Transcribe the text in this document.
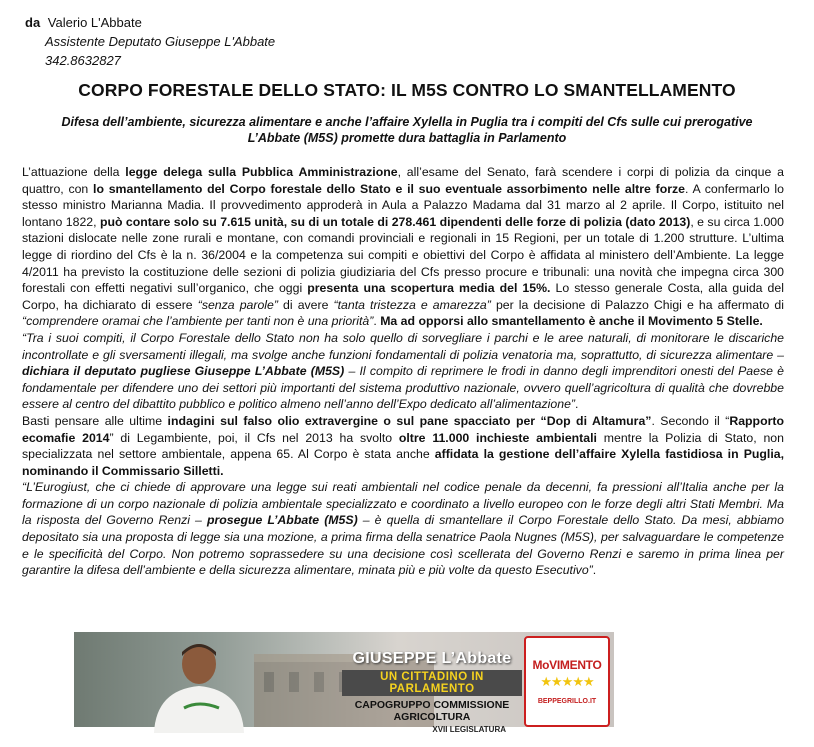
da Valerio L'Abbate
Assistente Deputato Giuseppe L'Abbate
342.8632827
CORPO FORESTALE DELLO STATO: IL M5S CONTRO LO SMANTELLAMENTO

Difesa dell’ambiente, sicurezza alimentare e anche l’affaire Xylella in Puglia tra i compiti del Cfs sulle cui prerogative L’Abbate (M5S) promette dura battaglia in Parlamento

L’attuazione della legge delega sulla Pubblica Amministrazione, all’esame del Senato, farà scendere i corpi di polizia da cinque a quattro, con lo smantellamento del Corpo forestale dello Stato e il suo eventuale assorbimento nelle altre forze. A confermarlo lo stesso ministro Marianna Madia. Il provvedimento approderà in Aula a Palazzo Madama dal 31 marzo al 2 aprile. Il Corpo, istituito nel lontano 1822, può contare solo su 7.615 unità, su di un totale di 278.461 dipendenti delle forze di polizia (dato 2013), e su circa 1.000 stazioni dislocate nelle zone rurali e montane, con comandi provinciali e regionali in 15 Regioni, per un totale di 1.200 strutture. L’ultima legge di riordino del Cfs è la n. 36/2004 e la competenza sui compiti e obiettivi del Corpo è affidata al ministero dell’Ambiente. La legge 4/2011 ha previsto la costituzione delle sezioni di polizia giudiziaria del Cfs presso procure e tribunali: una novità che impegna circa 300 forestali con effetti negativi sull’organico, che oggi presenta una scopertura media del 15%. Lo stesso generale Costa, alla guida del Corpo, ha dichiarato di essere “senza parole” di avere “tanta tristezza e amarezza” per la decisione di Palazzo Chigi e ha affermato di “comprendere oramai che l’ambiente per tanti non è una priorità”. Ma ad opporsi allo smantellamento è anche il Movimento 5 Stelle.

“Tra i suoi compiti, il Corpo Forestale dello Stato non ha solo quello di sorvegliare i parchi e le aree naturali, di monitorare le discariche incontrollate e gli sversamenti illegali, ma svolge anche funzioni fondamentali di polizia venatoria ma, soprattutto, di sicurezza alimentare – dichiara il deputato pugliese Giuseppe L’Abbate (M5S) – Il compito di reprimere le frodi in danno degli imprenditori onesti del Paese è fondamentale per difendere uno dei settori più importanti del sistema produttivo nazionale, ovvero quell’agricoltura di qualità che dovrebbe essere al centro del dibattito pubblico e politico almeno nell’anno dell’Expo dedicato all’alimentazione”.

Basti pensare alle ultime indagini sul falso olio extravergine o sul pane spacciato per “Dop di Altamura”. Secondo il “Rapporto ecomafie 2014” di Legambiente, poi, il Cfs nel 2013 ha svolto oltre 11.000 inchieste ambientali mentre la Polizia di Stato, non specializzata nel settore ambientale, appena 65. Al Corpo è stata anche affidata la gestione dell’affaire Xylella fastidiosa in Puglia, nominando il Commissario Silletti.

“L’Eurogiust, che ci chiede di approvare una legge sui reati ambientali nel codice penale da decenni, fa pressioni all’Italia anche per la formazione di un corpo nazionale di polizia ambientale specializzato e coordinato a livello europeo con le forze degli altri Stati Membri. Ma la risposta del Governo Renzi – prosegue L’Abbate (M5S) – è quella di smantellare il Corpo Forestale dello Stato. Da mesi, abbiamo depositato sia una proposta di legge sia una mozione, a prima firma della senatrice Paola Nugnes (M5S), per salvaguardare le competenze e le specificità del Corpo. Non potremo soprassedere su una decisione così scellerata del Governo Renzi e saremo in prima linea per garantire la difesa dell’ambiente e della sicurezza alimentare, minata più e più volte da questo Esecutivo”.

GIUSEPPE L’Abbate
UN CITTADINO IN PARLAMENTO
CAPOGRUPPO COMMISSIONE AGRICOLTURA
XVII LEGISLATURA
MoVIMENTO
★★★★★
BEPPEGRILLO.IT
